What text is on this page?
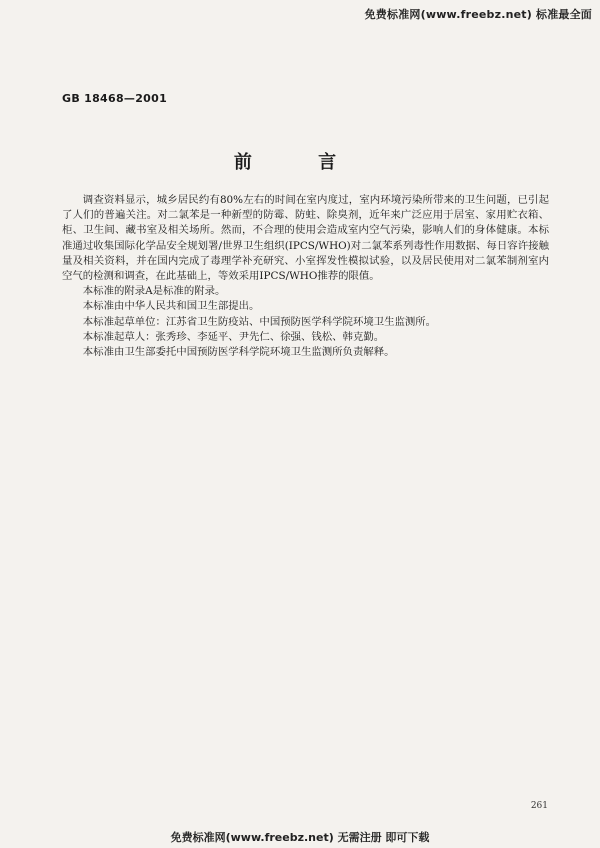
免费标准网(www.freebz.net) 标准最全面
GB 18468—2001
前 言

调查资料显示，城乡居民约有80%左右的时间在室内度过，室内环境污染所带来的卫生问题，已引起了人们的普遍关注。对二氯苯是一种新型的防霉、防蛀、除臭剂，近年来广泛应用于居室、家用贮衣箱、柜、卫生间、藏书室及相关场所。然而，不合理的使用会造成室内空气污染，影响人们的身体健康。本标准通过收集国际化学品安全规划署/世界卫生组织(IPCS/WHO)对二氯苯系列毒性作用数据、每日容许接触量及相关资料，并在国内完成了毒理学补充研究、小室挥发性模拟试验，以及居民使用对二氯苯制剂室内空气的检测和调查，在此基础上，等效采用IPCS/WHO推荐的限值。

本标准的附录A是标准的附录。

本标准由中华人民共和国卫生部提出。

本标准起草单位：江苏省卫生防疫站、中国预防医学科学院环境卫生监测所。

本标准起草人：张秀珍、李延平、尹先仁、徐强、钱松、韩克勤。

本标准由卫生部委托中国预防医学科学院环境卫生监测所负责解释。

261
免费标准网(www.freebz.net) 无需注册 即可下载
